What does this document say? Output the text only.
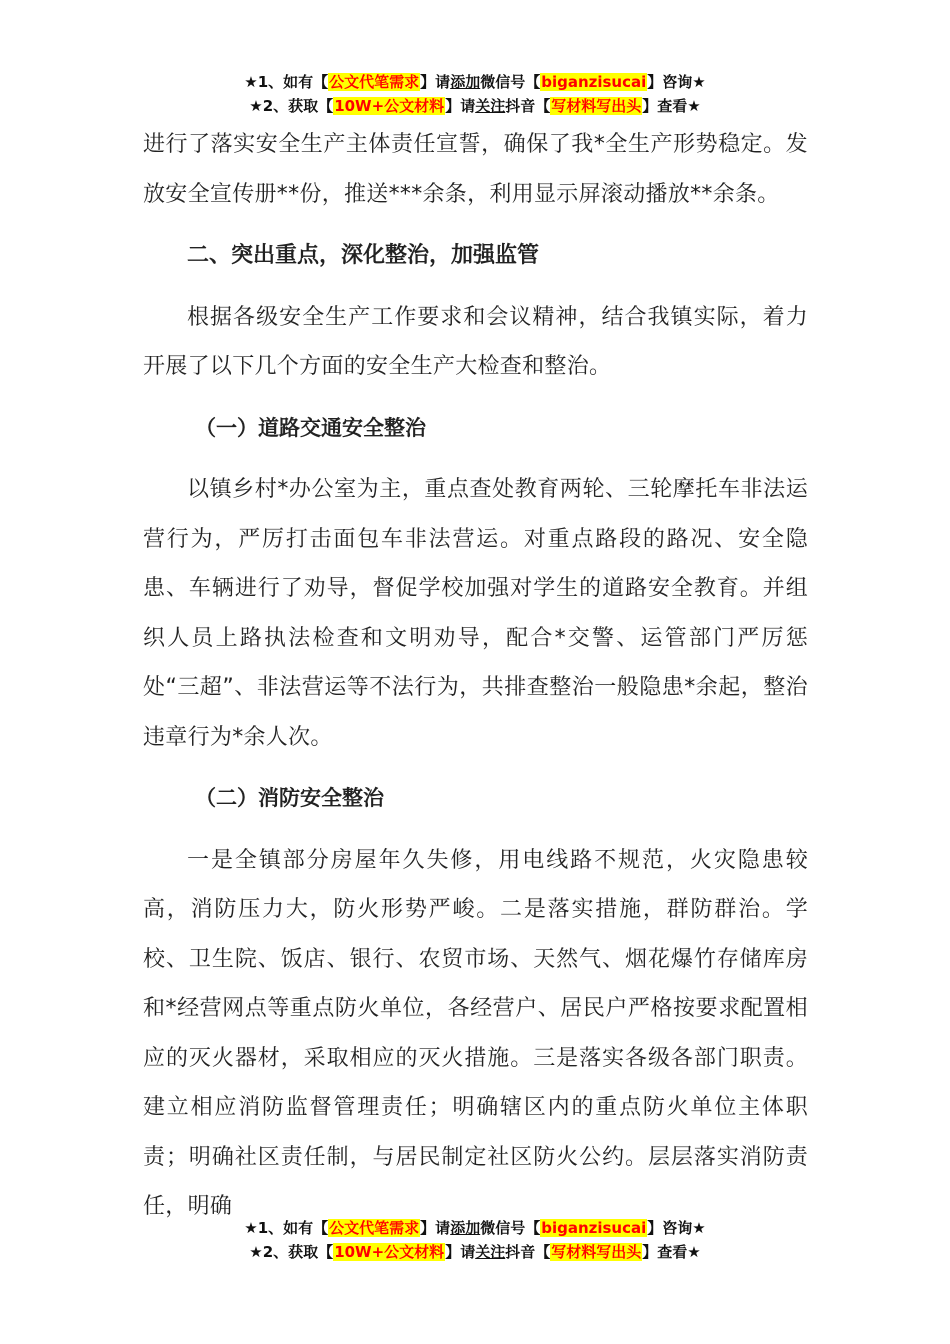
★1、如有【公文代笔需求】请添加微信号【biganzisucai】咨询★
★2、获取【10W+公文材料】请关注抖音【写材料写出头】查看★

进行了落实安全生产主体责任宣誓，确保了我*全生产形势稳定。发放安全宣传册**份，推送***余条，利用显示屏滚动播放**余条。

二、突出重点，深化整治，加强监管

根据各级安全生产工作要求和会议精神，结合我镇实际，着力开展了以下几个方面的安全生产大检查和整治。

（一）道路交通安全整治

以镇乡村*办公室为主，重点查处教育两轮、三轮摩托车非法运营行为，严厉打击面包车非法营运。对重点路段的路况、安全隐患、车辆进行了劝导，督促学校加强对学生的道路安全教育。并组织人员上路执法检查和文明劝导，配合*交警、运管部门严厉惩处“三超”、非法营运等不法行为，共排查整治一般隐患*余起，整治违章行为*余人次。

（二）消防安全整治

一是全镇部分房屋年久失修，用电线路不规范，火灾隐患较高，消防压力大，防火形势严峻。二是落实措施，群防群治。学校、卫生院、饭店、银行、农贸市场、天然气、烟花爆竹存储库房和*经营网点等重点防火单位，各经营户、居民户严格按要求配置相应的灭火器材，采取相应的灭火措施。三是落实各级各部门职责。建立相应消防监督管理责任；明确辖区内的重点防火单位主体职责；明确社区责任制，与居民制定社区防火公约。层层落实消防责任，明确

★1、如有【公文代笔需求】请添加微信号【biganzisucai】咨询★
★2、获取【10W+公文材料】请关注抖音【写材料写出头】查看★
